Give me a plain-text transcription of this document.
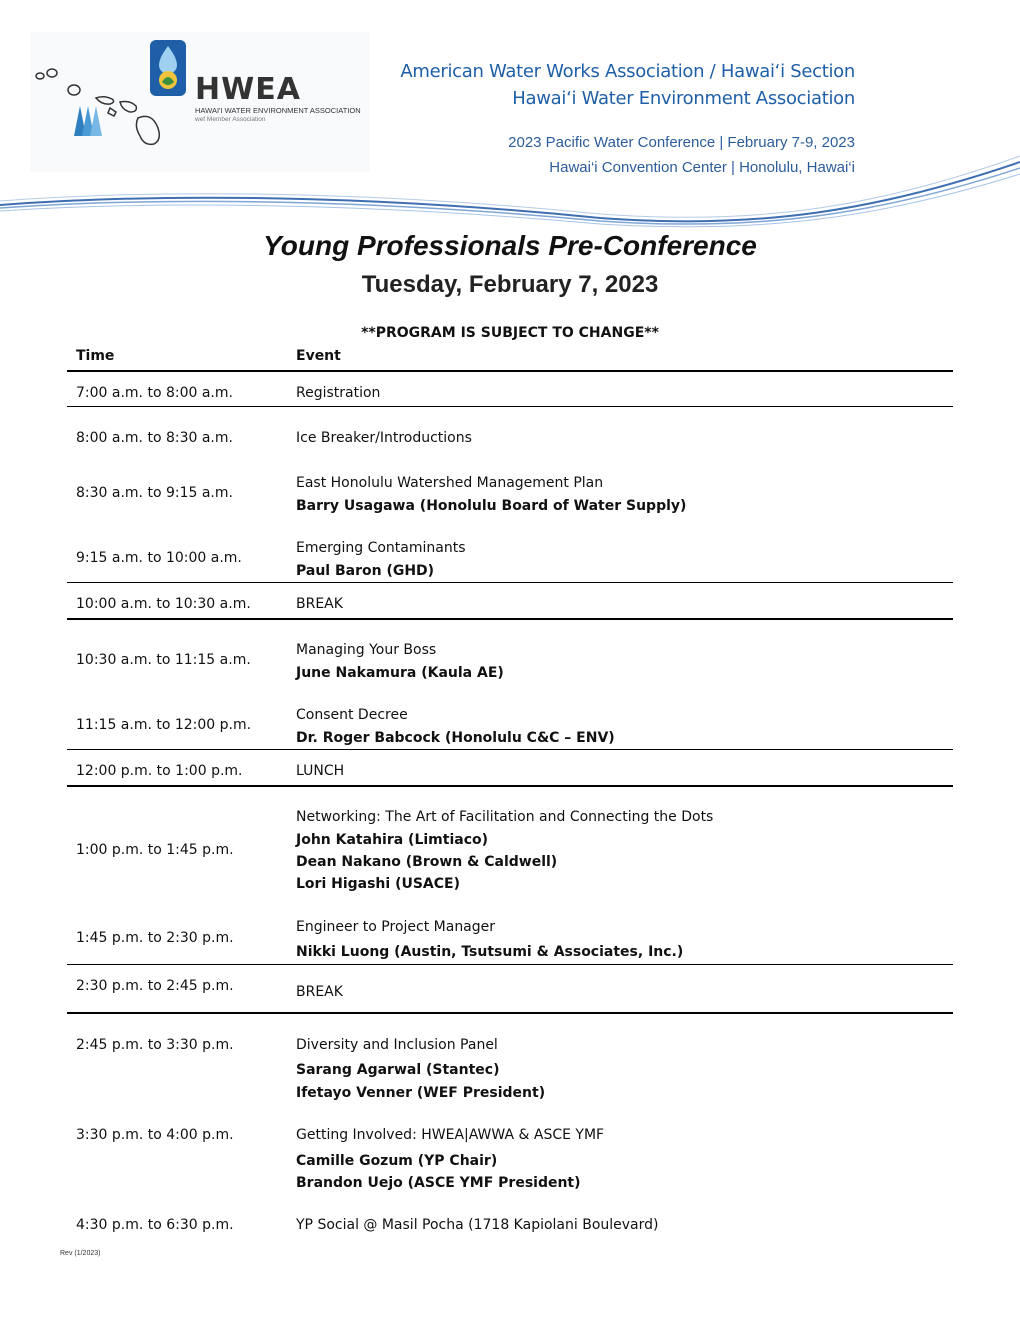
HWEA
HAWAI'I WATER ENVIRONMENT ASSOCIATION
wef Member Association
American Water Works Association / Hawai‘i Section
Hawai‘i Water Environment Association
2023 Pacific Water Conference | February 7-9, 2023
Hawai‘i Convention Center | Honolulu, Hawai‘i
Young Professionals Pre-Conference
Tuesday, February 7, 2023
**PROGRAM IS SUBJECT TO CHANGE**
Time	Event
7:00 a.m. to 8:00 a.m.	Registration
8:00 a.m. to 8:30 a.m.	Ice Breaker/Introductions
8:30 a.m. to 9:15 a.m.
East Honolulu Watershed Management Plan
Barry Usagawa (Honolulu Board of Water Supply)
9:15 a.m. to 10:00 a.m.
Emerging Contaminants
Paul Baron (GHD)
10:00 a.m. to 10:30 a.m.	BREAK
10:30 a.m. to 11:15 a.m.
Managing Your Boss
June Nakamura (Kaula AE)
11:15 a.m. to 12:00 p.m.
Consent Decree
Dr. Roger Babcock (Honolulu C&C – ENV)
12:00 p.m. to 1:00 p.m.	LUNCH
1:00 p.m. to 1:45 p.m.
Networking: The Art of Facilitation and Connecting the Dots
John Katahira (Limtiaco)
Dean Nakano (Brown & Caldwell)
Lori Higashi (USACE)
1:45 p.m. to 2:30 p.m.
Engineer to Project Manager
Nikki Luong (Austin, Tsutsumi & Associates, Inc.)
2:30 p.m. to 2:45 p.m.	BREAK
2:45 p.m. to 3:30 p.m.	Diversity and Inclusion Panel
Sarang Agarwal (Stantec)
Ifetayo Venner (WEF President)
3:30 p.m. to 4:00 p.m.	Getting Involved: HWEA|AWWA & ASCE YMF
Camille Gozum (YP Chair)
Brandon Uejo (ASCE YMF President)
4:30 p.m. to 6:30 p.m.	YP Social @ Masil Pocha (1718 Kapiolani Boulevard)
Rev (1/2023)
